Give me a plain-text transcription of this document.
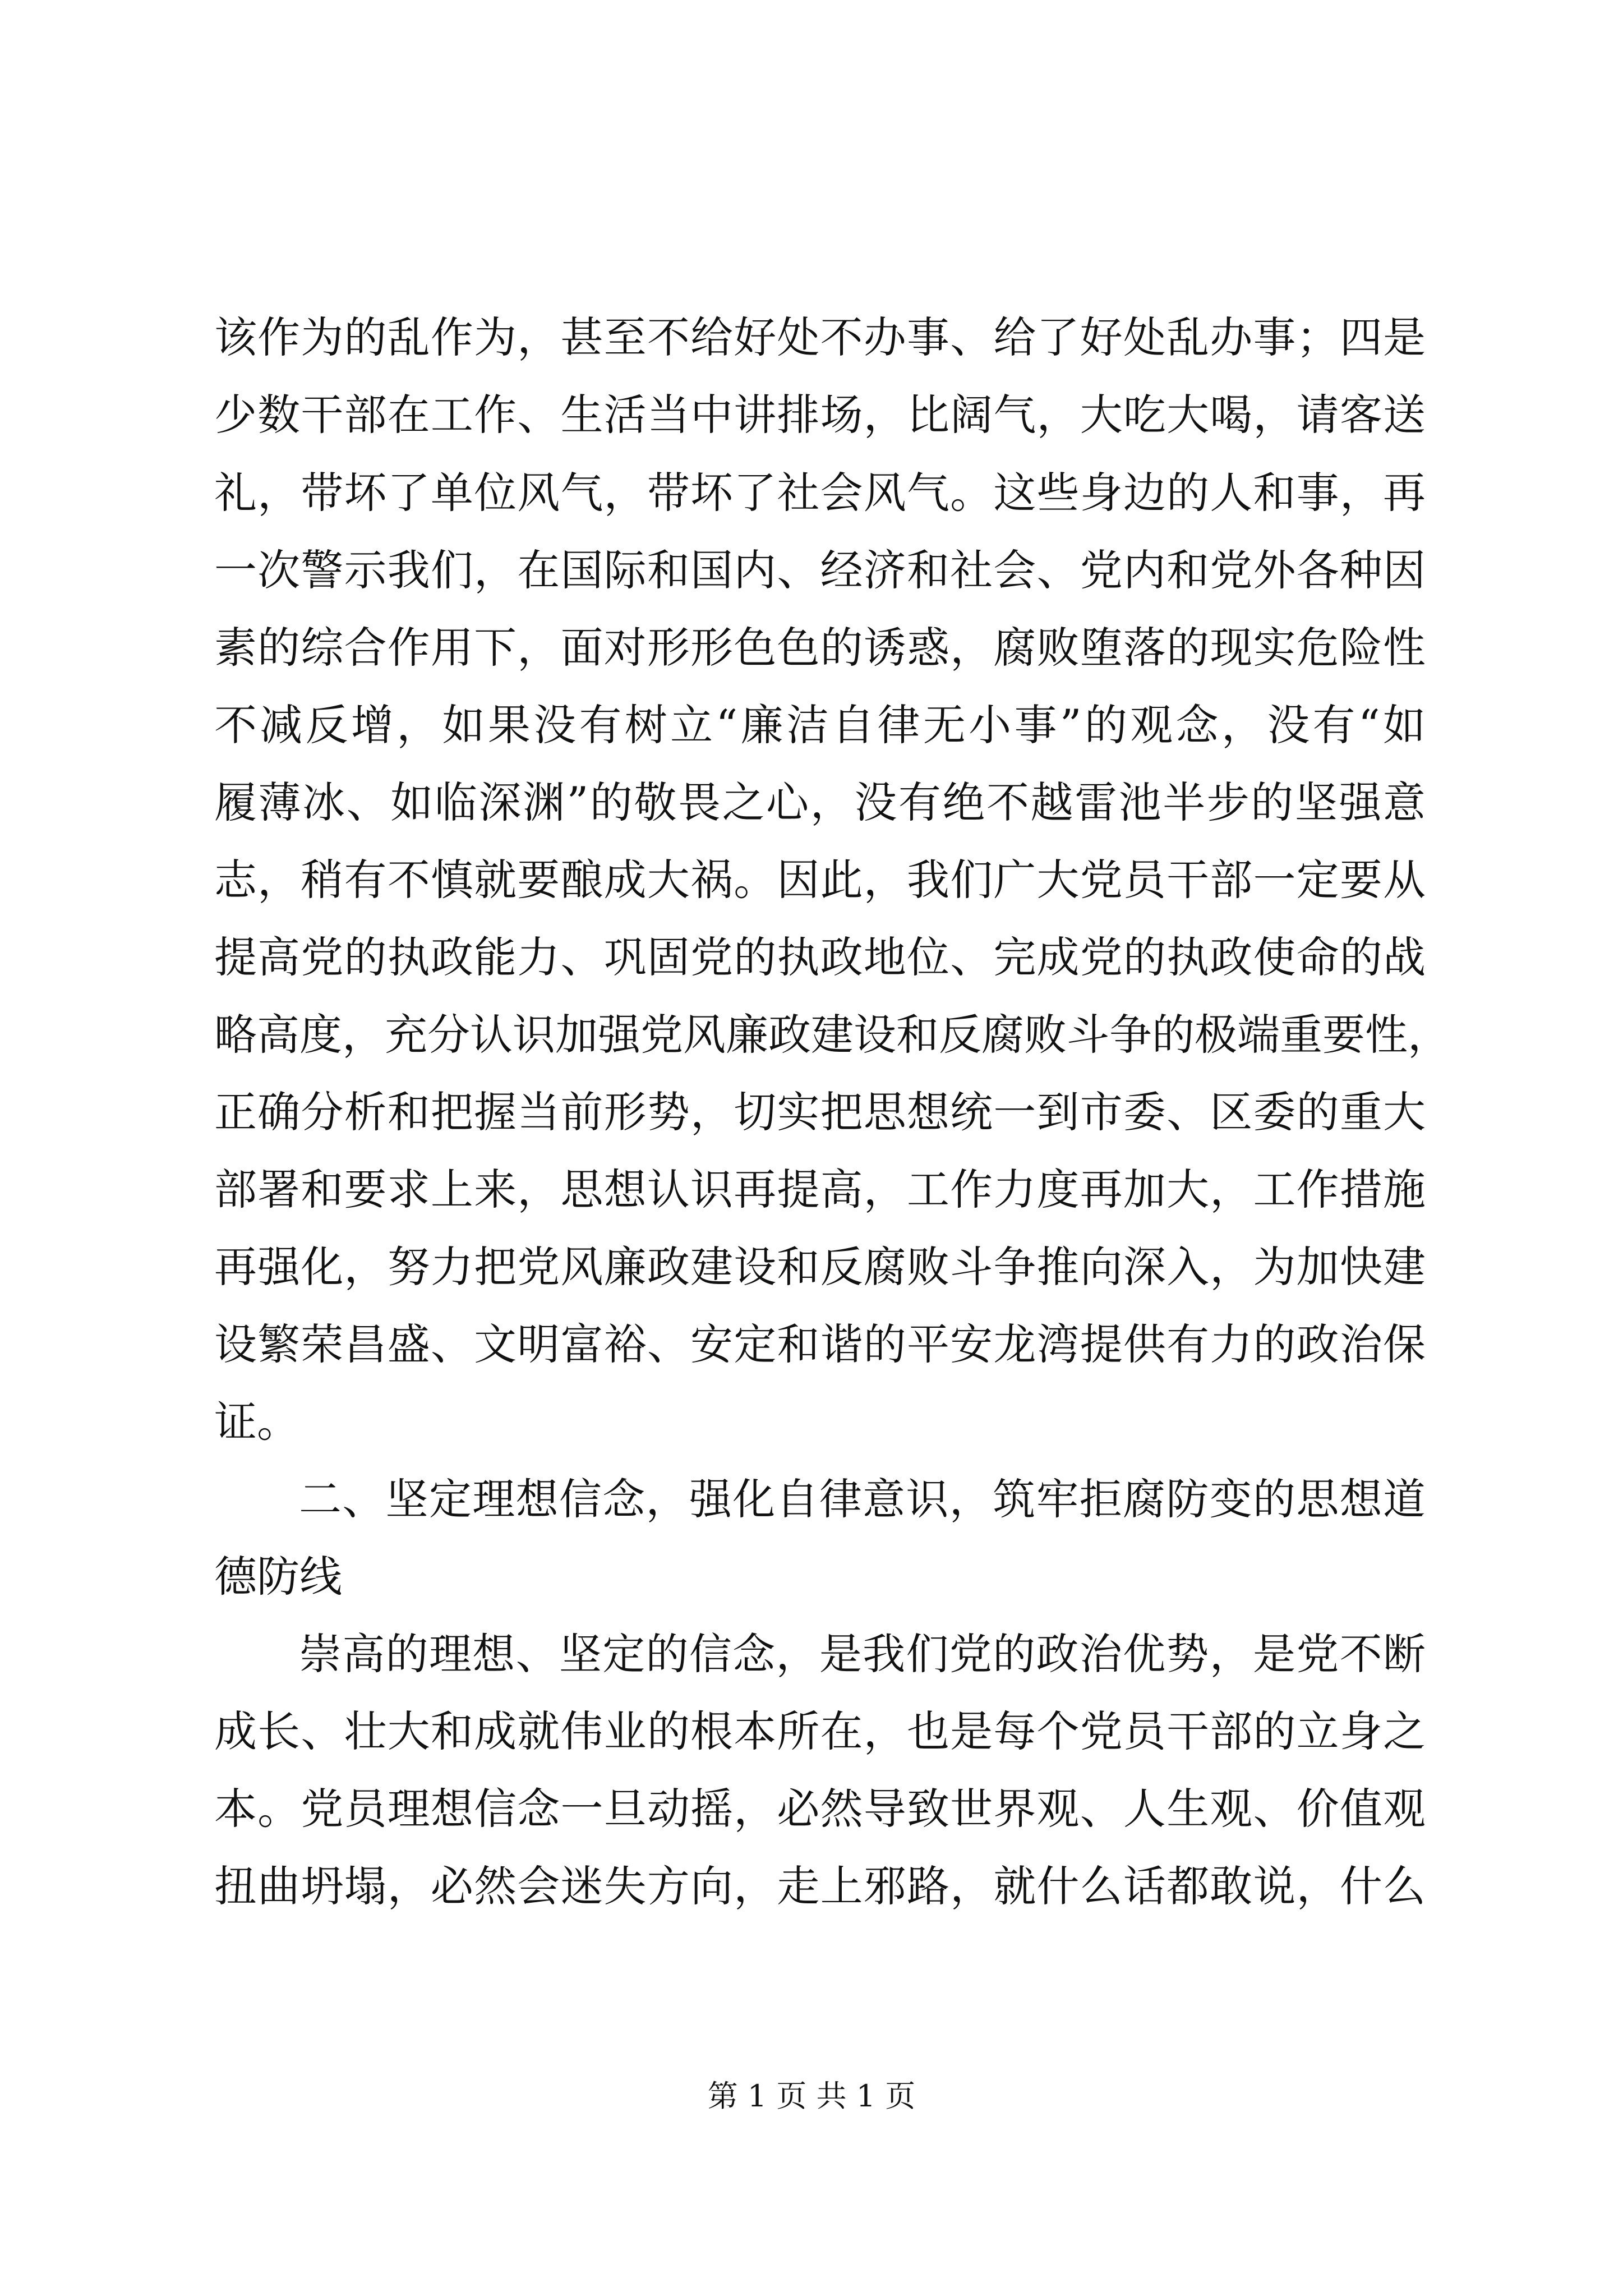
该作为的乱作为，甚至不给好处不办事、给了好处乱办事；四是
少数干部在工作、生活当中讲排场，比阔气，大吃大喝，请客送
礼，带坏了单位风气，带坏了社会风气。这些身边的人和事，再
一次警示我们，在国际和国内、经济和社会、党内和党外各种因
素的综合作用下，面对形形色色的诱惑，腐败堕落的现实危险性
不减反增，如果没有树立“廉洁自律无小事”的观念，没有“如
履薄冰、如临深渊”的敬畏之心，没有绝不越雷池半步的坚强意
志，稍有不慎就要酿成大祸。因此，我们广大党员干部一定要从
提高党的执政能力、巩固党的执政地位、完成党的执政使命的战
略高度，充分认识加强党风廉政建设和反腐败斗争的极端重要性，
正确分析和把握当前形势，切实把思想统一到市委、区委的重大
部署和要求上来，思想认识再提高，工作力度再加大，工作措施
再强化，努力把党风廉政建设和反腐败斗争推向深入，为加快建
设繁荣昌盛、文明富裕、安定和谐的平安龙湾提供有力的政治保
证。
二、坚定理想信念，强化自律意识，筑牢拒腐防变的思想道
德防线
崇高的理想、坚定的信念，是我们党的政治优势，是党不断
成长、壮大和成就伟业的根本所在，也是每个党员干部的立身之
本。党员理想信念一旦动摇，必然导致世界观、人生观、价值观
扭曲坍塌，必然会迷失方向，走上邪路，就什么话都敢说，什么
第 1 页 共 1 页
